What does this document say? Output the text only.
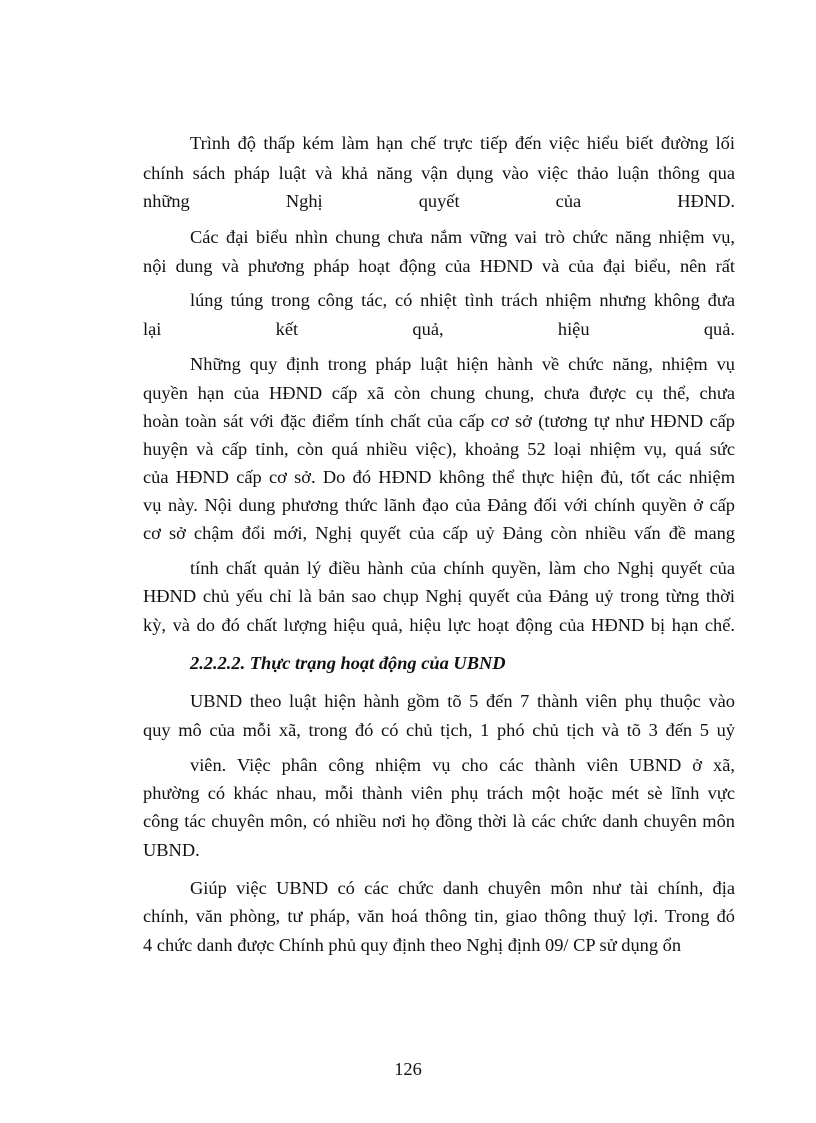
Trình độ thấp kém làm hạn chế trực tiếp đến việc hiểu biết đường lối
chính sách pháp luật và khả năng vận dụng vào việc thảo luận thông qua
những Nghị quyết của HĐND.
Các đại biểu nhìn chung chưa nắm vững vai trò chức năng nhiệm vụ,
nội dung và phương pháp hoạt động của HĐND và của đại biểu, nên rất
lúng túng trong công tác, có nhiệt tình trách nhiệm nhưng không đưa
lại kết quả, hiệu quả.
Những quy định trong pháp luật hiện hành về chức năng, nhiệm vụ
quyền hạn của HĐND cấp xã còn chung chung, chưa được cụ thể, chưa
hoàn toàn sát với đặc điểm tính chất của cấp cơ sở (tương tự như HĐND cấp
huyện và cấp tỉnh, còn quá nhiều việc), khoảng 52 loại nhiệm vụ, quá sức
của HĐND cấp cơ sở. Do đó HĐND không thể thực hiện đủ, tốt các nhiệm
vụ này. Nội dung phương thức lãnh đạo của Đảng đối với chính quyền ở cấp
cơ sở chậm đổi mới, Nghị quyết của cấp uỷ Đảng còn nhiều vấn đề mang
tính chất quản lý điều hành của chính quyền, làm cho Nghị quyết của
HĐND chủ yếu chỉ là bản sao chụp Nghị quyết của Đảng uỷ trong từng thời
kỳ, và do đó chất lượng hiệu quả, hiệu lực hoạt động của HĐND bị hạn chế.
2.2.2.2. Thực trạng hoạt động của UBND
UBND theo luật hiện hành gồm tõ 5 đến 7 thành viên phụ thuộc vào
quy mô của mỗi xã, trong đó có chủ tịch, 1 phó chủ tịch và tõ 3 đến 5 uỷ
viên. Việc phân công nhiệm vụ cho các thành viên UBND ở xã,
phường có khác nhau, mỗi thành viên phụ trách một hoặc mét sè lĩnh vực
công tác chuyên môn, có nhiều nơi họ đồng thời là các chức danh chuyên môn
UBND.
Giúp việc UBND có các chức danh chuyên môn như tài chính, địa
chính, văn phòng, tư pháp, văn hoá thông tin, giao thông thuỷ lợi. Trong đó
4 chức danh được Chính phủ quy định theo Nghị định 09/ CP sử dụng ổn
126
